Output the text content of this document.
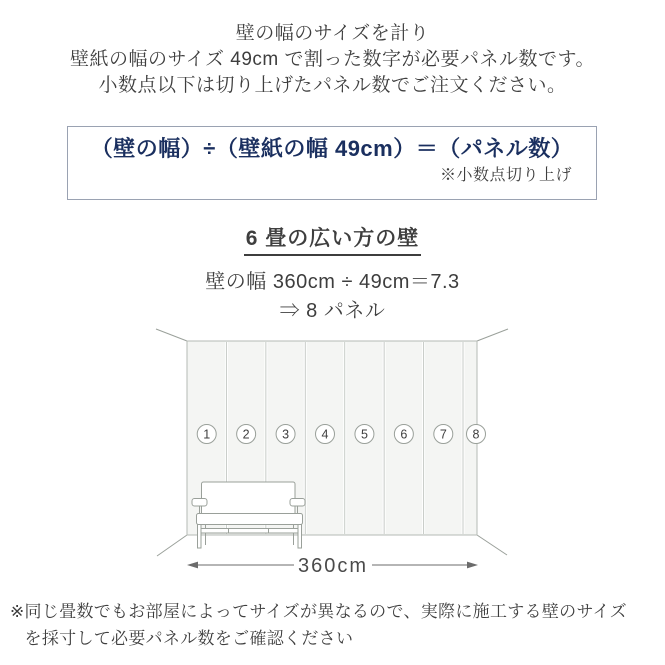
壁の幅のサイズを計り
壁紙の幅のサイズ 49cm で割った数字が必要パネル数です。
小数点以下は切り上げたパネル数でご注文ください。
（壁の幅）÷（壁紙の幅 49cm）＝（パネル数）
※小数点切り上げ
6 畳の広い方の壁
壁の幅 360cm ÷ 49cm＝7.3
⇒ 8 パネル
1	2	3	4	5	6	7 8
360cm
※ 同じ畳数でもお部屋によってサイズが異なるので、実際に施工する壁のサイズ
を採寸して必要パネル数をご確認ください
